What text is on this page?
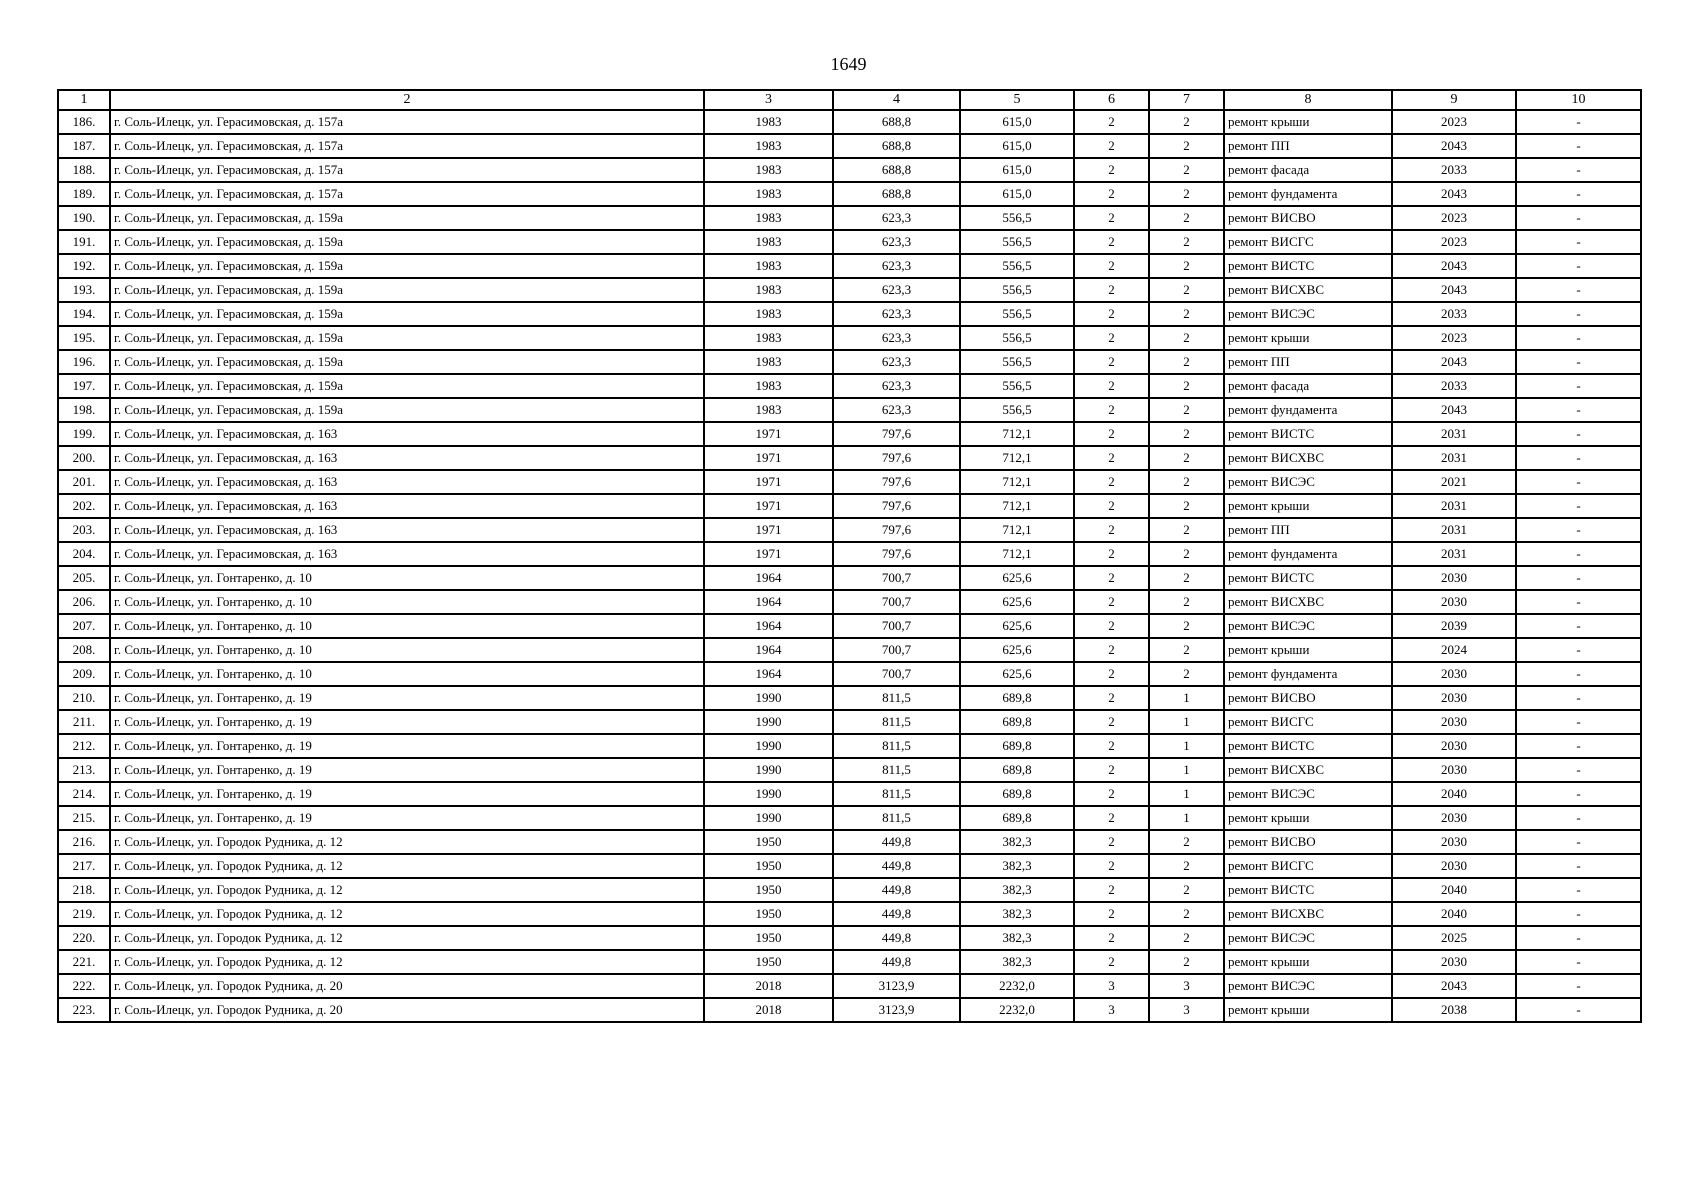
1649
1	2	3	4	5	6	7	8	9	10
186.	г. Соль-Илецк, ул. Герасимовская, д. 157а	1983	688,8	615,0	2	2	ремонт крыши	2023	-
187.	г. Соль-Илецк, ул. Герасимовская, д. 157а	1983	688,8	615,0	2	2	ремонт ПП	2043	-
188.	г. Соль-Илецк, ул. Герасимовская, д. 157а	1983	688,8	615,0	2	2	ремонт фасада	2033	-
189.	г. Соль-Илецк, ул. Герасимовская, д. 157а	1983	688,8	615,0	2	2	ремонт фундамента	2043	-
190.	г. Соль-Илецк, ул. Герасимовская, д. 159а	1983	623,3	556,5	2	2	ремонт ВИСВО	2023	-
191.	г. Соль-Илецк, ул. Герасимовская, д. 159а	1983	623,3	556,5	2	2	ремонт ВИСГС	2023	-
192.	г. Соль-Илецк, ул. Герасимовская, д. 159а	1983	623,3	556,5	2	2	ремонт ВИСТС	2043	-
193.	г. Соль-Илецк, ул. Герасимовская, д. 159а	1983	623,3	556,5	2	2	ремонт ВИСХВС	2043	-
194.	г. Соль-Илецк, ул. Герасимовская, д. 159а	1983	623,3	556,5	2	2	ремонт ВИСЭС	2033	-
195.	г. Соль-Илецк, ул. Герасимовская, д. 159а	1983	623,3	556,5	2	2	ремонт крыши	2023	-
196.	г. Соль-Илецк, ул. Герасимовская, д. 159а	1983	623,3	556,5	2	2	ремонт ПП	2043	-
197.	г. Соль-Илецк, ул. Герасимовская, д. 159а	1983	623,3	556,5	2	2	ремонт фасада	2033	-
198.	г. Соль-Илецк, ул. Герасимовская, д. 159а	1983	623,3	556,5	2	2	ремонт фундамента	2043	-
199.	г. Соль-Илецк, ул. Герасимовская, д. 163	1971	797,6	712,1	2	2	ремонт ВИСТС	2031	-
200.	г. Соль-Илецк, ул. Герасимовская, д. 163	1971	797,6	712,1	2	2	ремонт ВИСХВС	2031	-
201.	г. Соль-Илецк, ул. Герасимовская, д. 163	1971	797,6	712,1	2	2	ремонт ВИСЭС	2021	-
202.	г. Соль-Илецк, ул. Герасимовская, д. 163	1971	797,6	712,1	2	2	ремонт крыши	2031	-
203.	г. Соль-Илецк, ул. Герасимовская, д. 163	1971	797,6	712,1	2	2	ремонт ПП	2031	-
204.	г. Соль-Илецк, ул. Герасимовская, д. 163	1971	797,6	712,1	2	2	ремонт фундамента	2031	-
205.	г. Соль-Илецк, ул. Гонтаренко, д. 10	1964	700,7	625,6	2	2	ремонт ВИСТС	2030	-
206.	г. Соль-Илецк, ул. Гонтаренко, д. 10	1964	700,7	625,6	2	2	ремонт ВИСХВС	2030	-
207.	г. Соль-Илецк, ул. Гонтаренко, д. 10	1964	700,7	625,6	2	2	ремонт ВИСЭС	2039	-
208.	г. Соль-Илецк, ул. Гонтаренко, д. 10	1964	700,7	625,6	2	2	ремонт крыши	2024	-
209.	г. Соль-Илецк, ул. Гонтаренко, д. 10	1964	700,7	625,6	2	2	ремонт фундамента	2030	-
210.	г. Соль-Илецк, ул. Гонтаренко, д. 19	1990	811,5	689,8	2	1	ремонт ВИСВО	2030	-
211.	г. Соль-Илецк, ул. Гонтаренко, д. 19	1990	811,5	689,8	2	1	ремонт ВИСГС	2030	-
212.	г. Соль-Илецк, ул. Гонтаренко, д. 19	1990	811,5	689,8	2	1	ремонт ВИСТС	2030	-
213.	г. Соль-Илецк, ул. Гонтаренко, д. 19	1990	811,5	689,8	2	1	ремонт ВИСХВС	2030	-
214.	г. Соль-Илецк, ул. Гонтаренко, д. 19	1990	811,5	689,8	2	1	ремонт ВИСЭС	2040	-
215.	г. Соль-Илецк, ул. Гонтаренко, д. 19	1990	811,5	689,8	2	1	ремонт крыши	2030	-
216.	г. Соль-Илецк, ул. Городок Рудника, д. 12	1950	449,8	382,3	2	2	ремонт ВИСВО	2030	-
217.	г. Соль-Илецк, ул. Городок Рудника, д. 12	1950	449,8	382,3	2	2	ремонт ВИСГС	2030	-
218.	г. Соль-Илецк, ул. Городок Рудника, д. 12	1950	449,8	382,3	2	2	ремонт ВИСТС	2040	-
219.	г. Соль-Илецк, ул. Городок Рудника, д. 12	1950	449,8	382,3	2	2	ремонт ВИСХВС	2040	-
220.	г. Соль-Илецк, ул. Городок Рудника, д. 12	1950	449,8	382,3	2	2	ремонт ВИСЭС	2025	-
221.	г. Соль-Илецк, ул. Городок Рудника, д. 12	1950	449,8	382,3	2	2	ремонт крыши	2030	-
222.	г. Соль-Илецк, ул. Городок Рудника, д. 20	2018	3123,9	2232,0	3	3	ремонт ВИСЭС	2043	-
223.	г. Соль-Илецк, ул. Городок Рудника, д. 20	2018	3123,9	2232,0	3	3	ремонт крыши	2038	-
